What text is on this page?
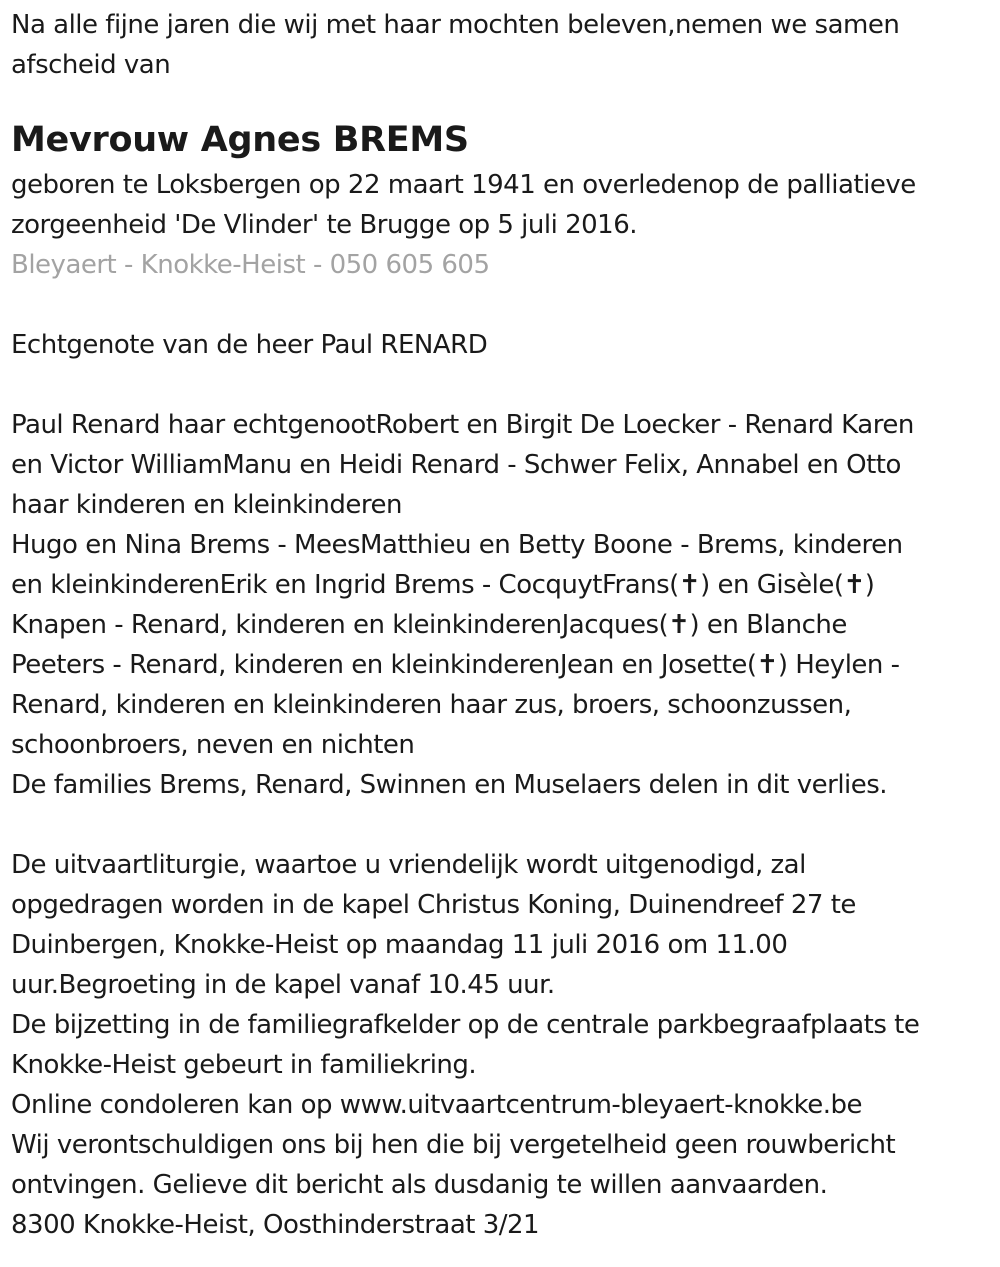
Na alle fijne jaren die wij met haar mochten beleven,nemen we samen
afscheid van
Mevrouw Agnes BREMS
geboren te Loksbergen op 22 maart 1941 en overledenop de palliatieve
zorgeenheid 'De Vlinder' te Brugge op 5 juli 2016.
Bleyaert - Knokke-Heist - 050 605 605
Echtgenote van de heer Paul RENARD
Paul Renard haar echtgenootRobert en Birgit De Loecker - Renard Karen
en Victor WilliamManu en Heidi Renard - Schwer Felix, Annabel en Otto
haar kinderen en kleinkinderen
Hugo en Nina Brems - MeesMatthieu en Betty Boone - Brems, kinderen
en kleinkinderenErik en Ingrid Brems - CocquytFrans(✝) en Gisèle(✝)
Knapen - Renard, kinderen en kleinkinderenJacques(✝) en Blanche
Peeters - Renard, kinderen en kleinkinderenJean en Josette(✝) Heylen -
Renard, kinderen en kleinkinderen haar zus, broers, schoonzussen,
schoonbroers, neven en nichten
De families Brems, Renard, Swinnen en Muselaers delen in dit verlies.
De uitvaartliturgie, waartoe u vriendelijk wordt uitgenodigd, zal
opgedragen worden in de kapel Christus Koning, Duinendreef 27 te
Duinbergen, Knokke-Heist op maandag 11 juli 2016 om 11.00
uur.Begroeting in de kapel vanaf 10.45 uur.
De bijzetting in de familiegrafkelder op de centrale parkbegraafplaats te
Knokke-Heist gebeurt in familiekring.
Online condoleren kan op www.uitvaartcentrum-bleyaert-knokke.be
Wij verontschuldigen ons bij hen die bij vergetelheid geen rouwbericht
ontvingen. Gelieve dit bericht als dusdanig te willen aanvaarden.
8300 Knokke-Heist, Oosthinderstraat 3/21
